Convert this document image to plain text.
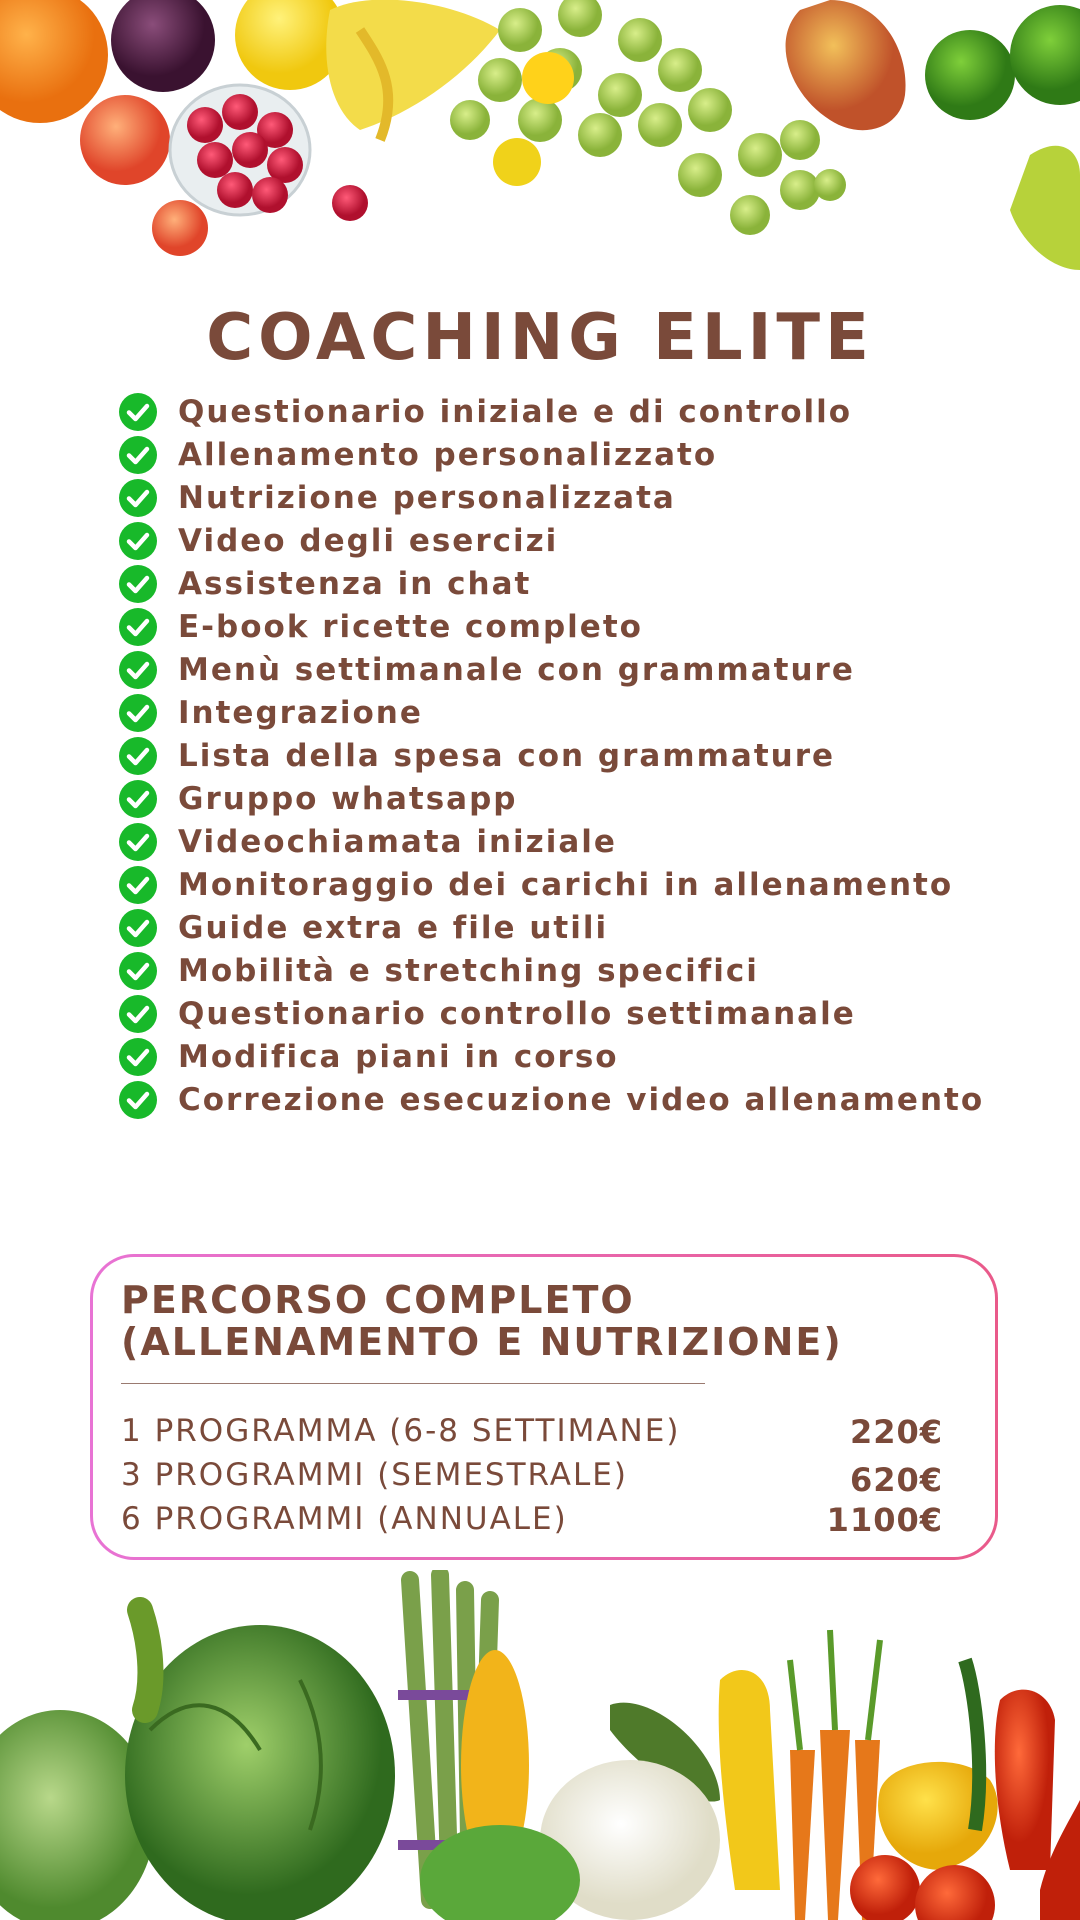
COACHING ELITE
Questionario iniziale e di controllo
Allenamento personalizzato
Nutrizione personalizzata
Video degli esercizi
Assistenza in chat
E-book ricette completo
Menù settimanale con grammature
Integrazione
Lista della spesa con grammature
Gruppo whatsapp
Videochiamata iniziale
Monitoraggio dei carichi in allenamento
Guide extra e file utili
Mobilità e stretching specifici
Questionario controllo settimanale
Modifica piani in corso
Correzione esecuzione video allenamento
PERCORSO COMPLETO
(ALLENAMENTO E NUTRIZIONE)
1 PROGRAMMA (6-8 SETTIMANE)	220€
3 PROGRAMMI (SEMESTRALE)	620€
6 PROGRAMMI (ANNUALE)	1100€
